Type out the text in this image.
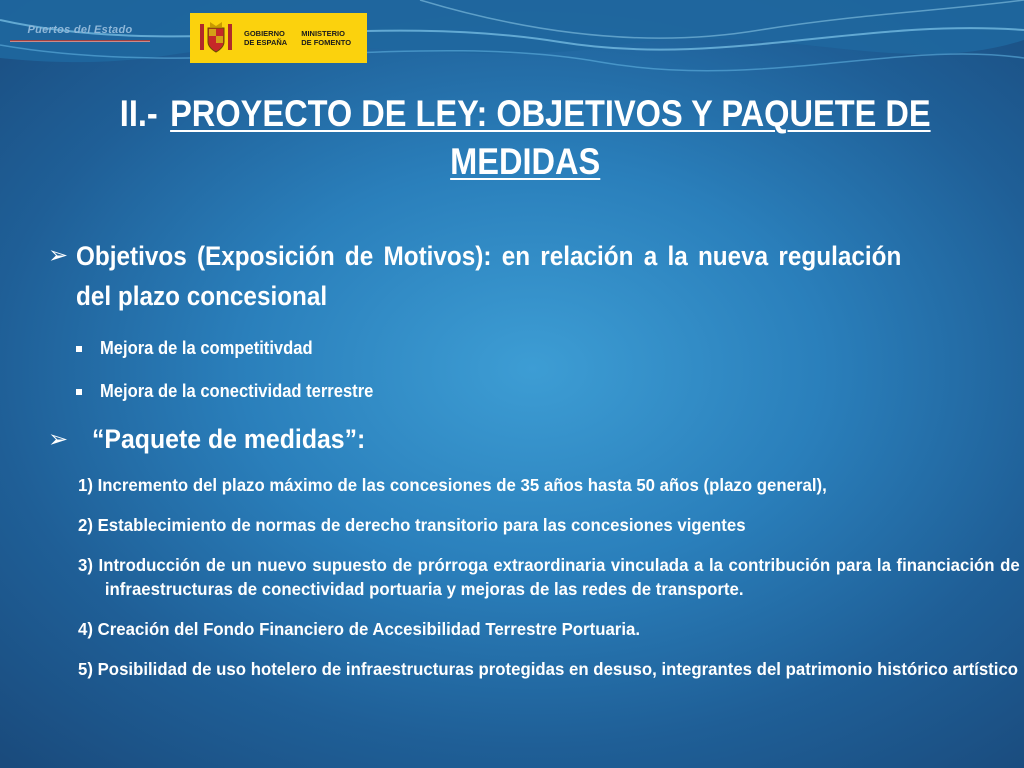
Puertos del Estado	GOBIERNO
DE ESPAÑA
MINISTERIO
DE FOMENTO
II.- PROYECTO DE LEY: OBJETIVOS Y PAQUETE DE MEDIDAS
➢ Objetivos (Exposición de Motivos): en relación a la nueva regulación del plazo concesional
Mejora de la competitivdad
Mejora de la conectividad terrestre
➢ “Paquete de medidas”:
1) Incremento del plazo máximo de las concesiones de 35 años hasta 50 años (plazo general),
2) Establecimiento de normas de derecho transitorio para las concesiones vigentes
3) Introducción de un nuevo supuesto de prórroga extraordinaria vinculada a la contribución para la financiación de infraestructuras de conectividad portuaria y mejoras de las redes de transporte.
4) Creación del Fondo Financiero de Accesibilidad Terrestre Portuaria.
5) Posibilidad de uso hotelero de infraestructuras protegidas en desuso, integrantes del patrimonio histórico artístico
